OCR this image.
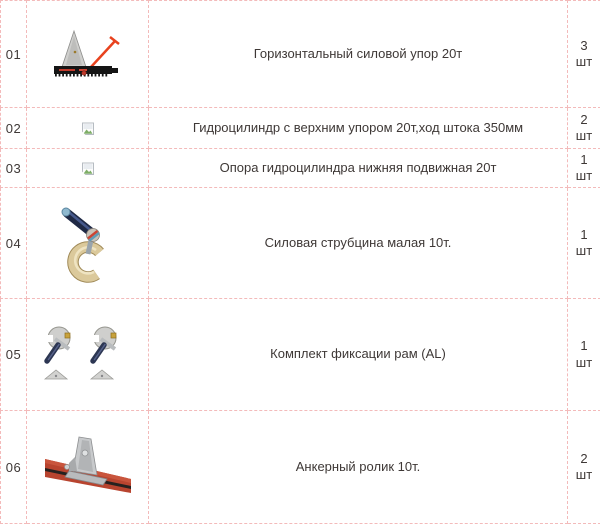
01		Горизонтальный силовой упор 20т	3
шт

02		Гидроцилиндр с верхним упором 20т,ход штока 350мм	2
шт

03		Опора гидроцилиндра нижняя подвижная 20т	1
шт

04		Силовая струбцина малая 10т.	1
шт

05		Комплект фиксации рам (AL)	1
шт

06		Анкерный ролик 10т.	2
шт
